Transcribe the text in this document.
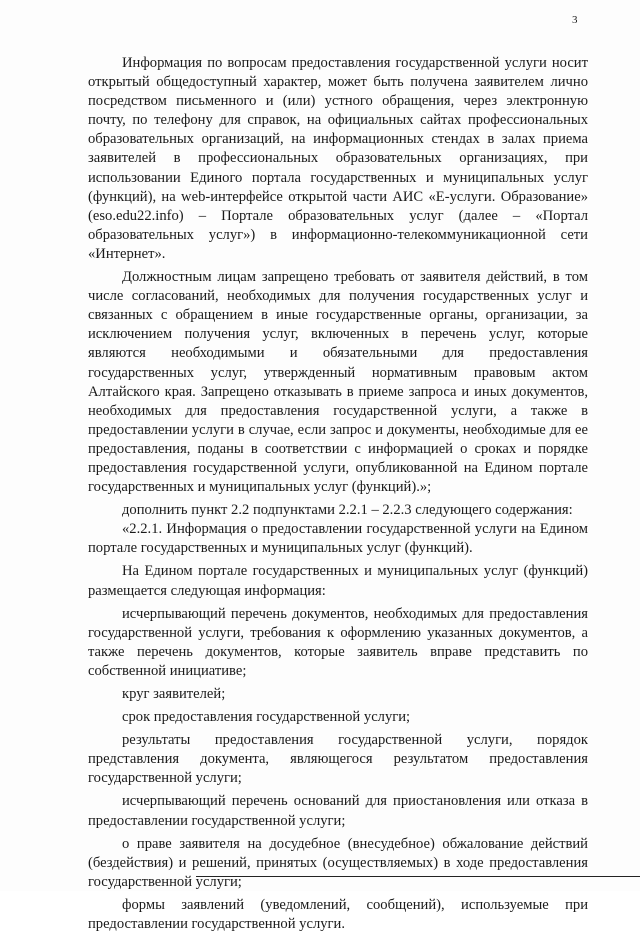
3

Информация по вопросам предоставления государственной услуги носит открытый общедоступный характер, может быть получена заявителем лично посредством письменного и (или) устного обращения, через электронную почту, по телефону для справок, на официальных сайтах профессиональных образовательных организаций, на информационных стендах в залах приема заявителей в профессиональных образовательных организациях, при использовании Единого портала государственных и муниципальных услуг (функций), на web-интерфейсе открытой части АИС «Е-услуги. Образование» (eso.edu22.info) – Портале образовательных услуг (далее – «Портал образовательных услуг») в информационно-телекоммуникационной сети «Интернет».

Должностным лицам запрещено требовать от заявителя действий, в том числе согласований, необходимых для получения государственных услуг и связанных с обращением в иные государственные органы, организации, за исключением получения услуг, включенных в перечень услуг, которые являются необходимыми и обязательными для предоставления государственных услуг, утвержденный нормативным правовым актом Алтайского края. Запрещено отказывать в приеме запроса и иных документов, необходимых для предоставления государственной услуги, а также в предоставлении услуги в случае, если запрос и документы, необходимые для ее предоставления, поданы в соответствии с информацией о сроках и порядке предоставления государственной услуги, опубликованной на Едином портале государственных и муниципальных услуг (функций).»;

дополнить пункт 2.2 подпунктами 2.2.1 – 2.2.3 следующего содержания:

«2.2.1. Информация о предоставлении государственной услуги на Едином портале государственных и муниципальных услуг (функций).

На Едином портале государственных и муниципальных услуг (функций) размещается следующая информация:

исчерпывающий перечень документов, необходимых для предоставления государственной услуги, требования к оформлению указанных документов, а также перечень документов, которые заявитель вправе представить по собственной инициативе;

круг заявителей;

срок предоставления государственной услуги;

результаты предоставления государственной услуги, порядок представления документа, являющегося результатом предоставления государственной услуги;

исчерпывающий перечень оснований для приостановления или отказа в предоставлении государственной услуги;

о праве заявителя на досудебное (внесудебное) обжалование действий (бездействия) и решений, принятых (осуществляемых) в ходе предоставления государственной услуги;

формы заявлений (уведомлений, сообщений), используемые при предоставлении государственной услуги.
